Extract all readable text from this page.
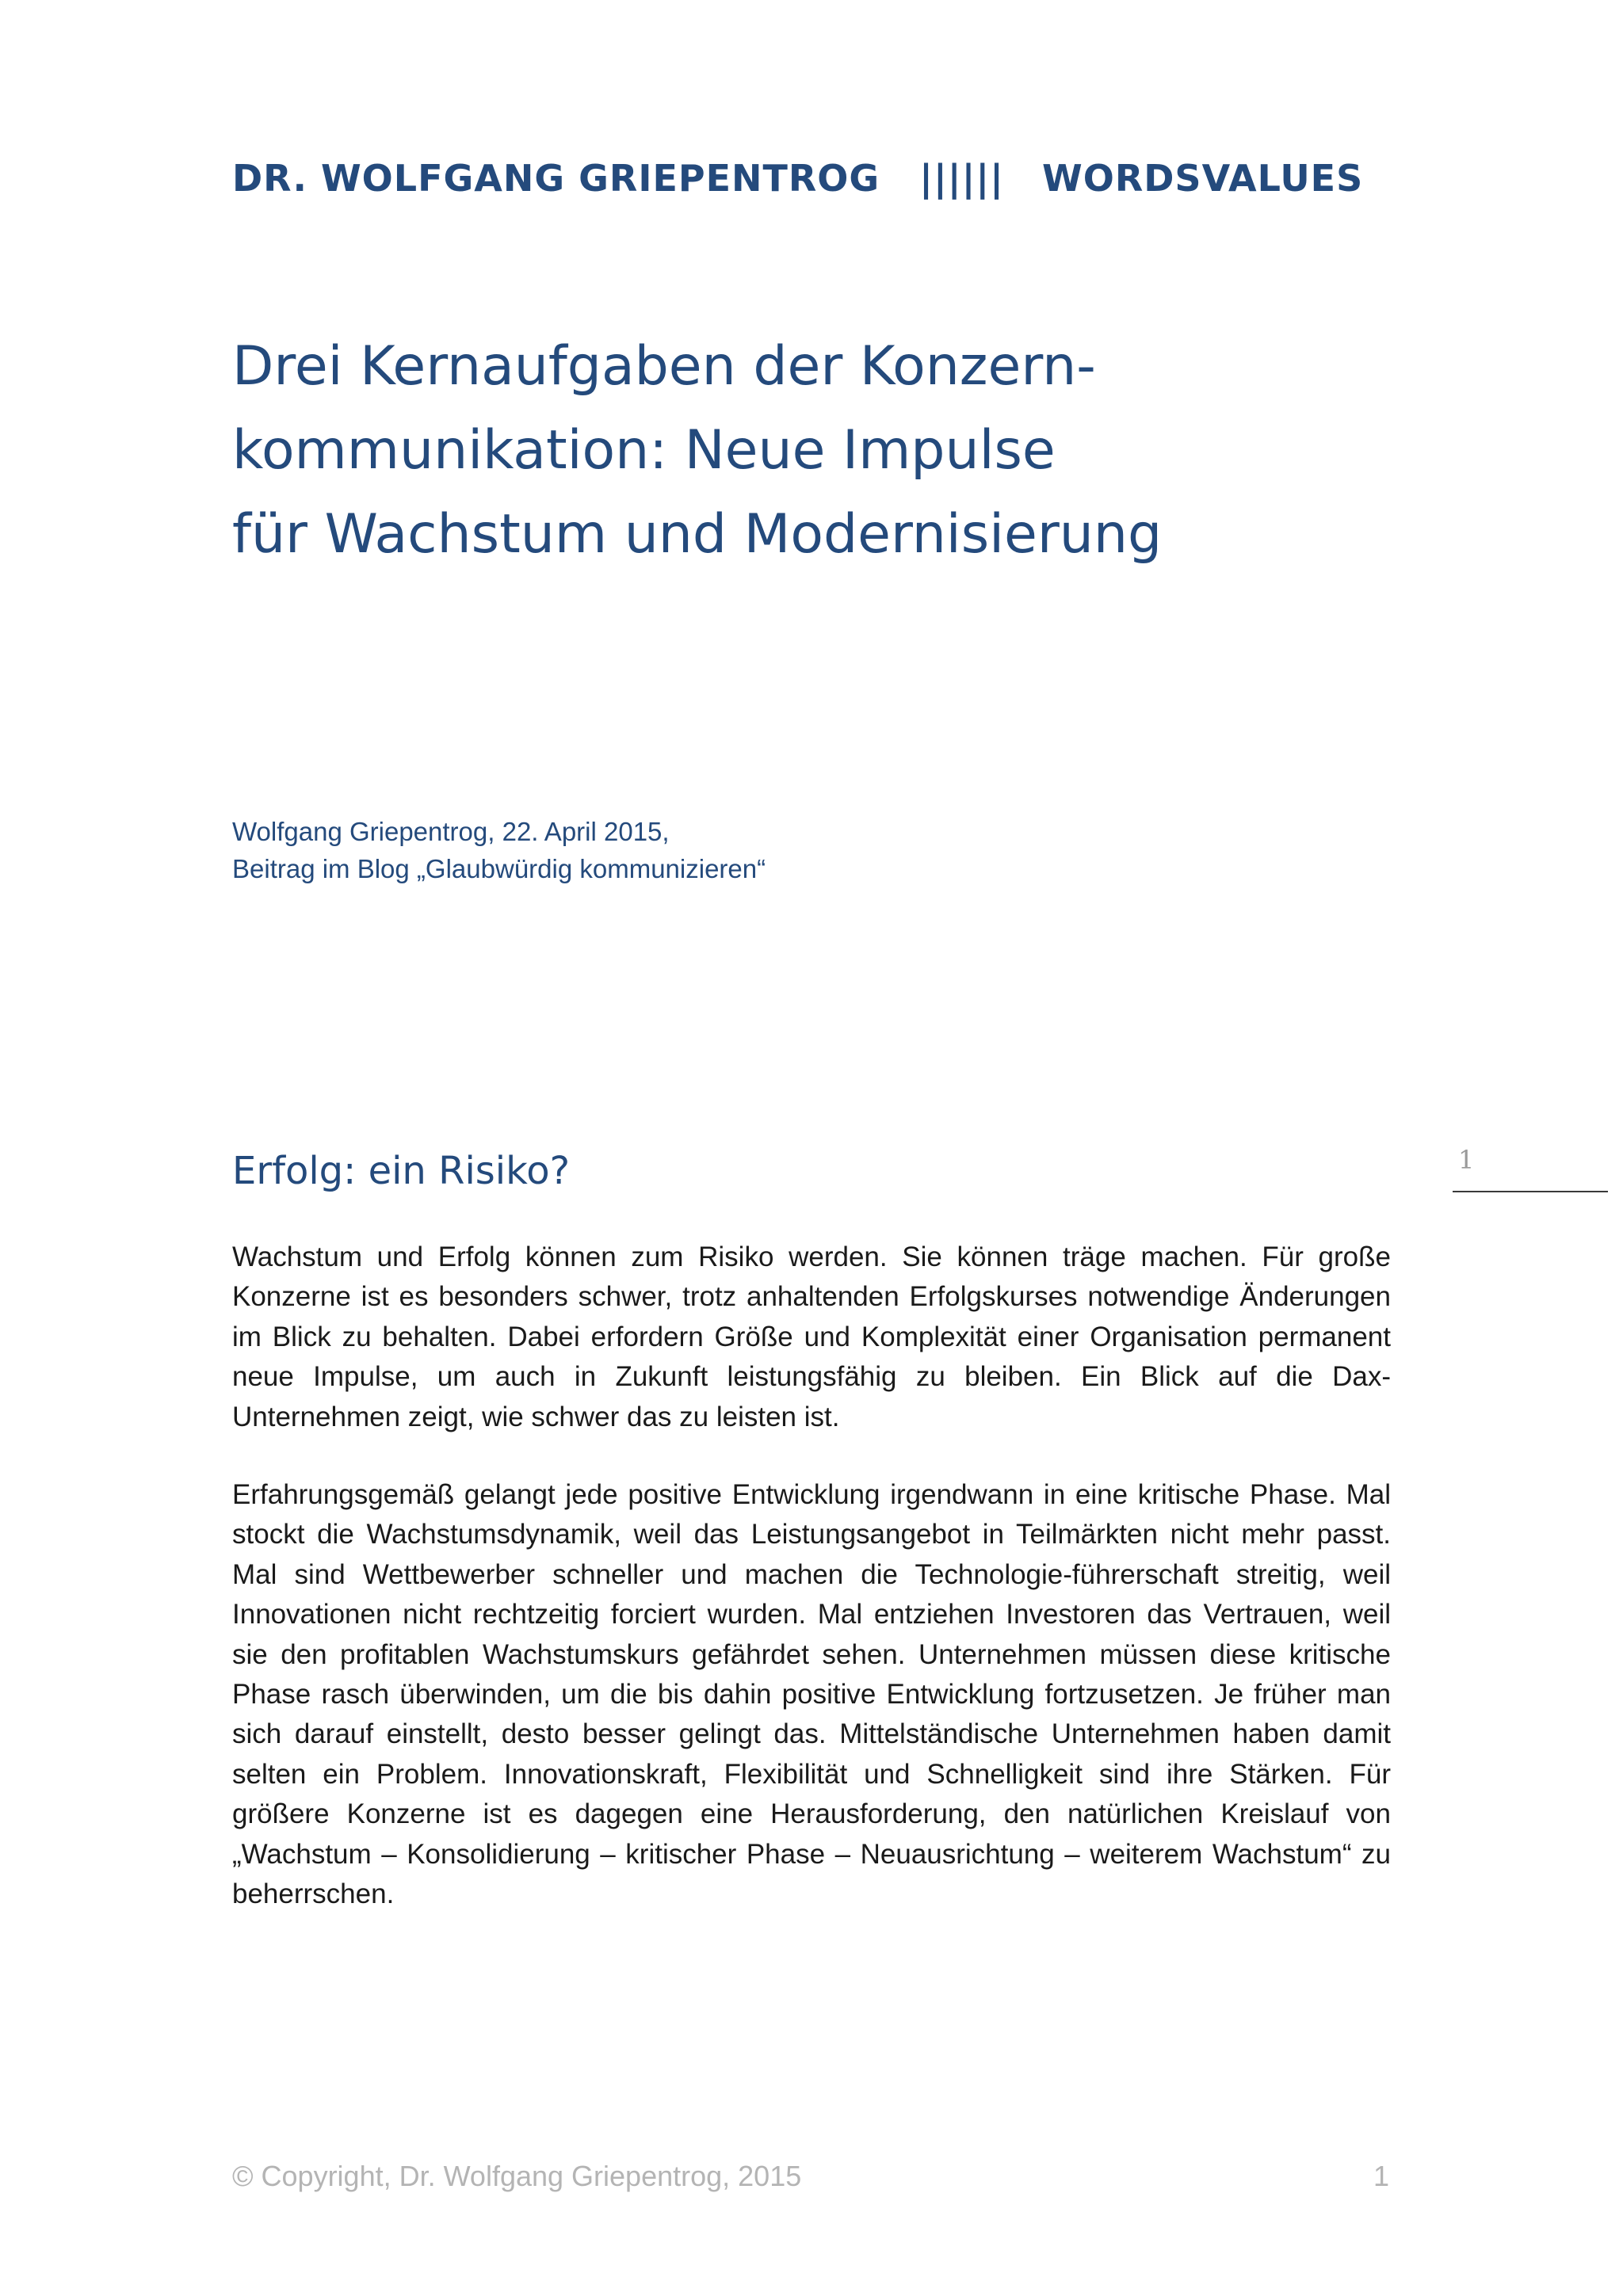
DR. WOLFGANG GRIEPENTROG |||||| WORDSVALUES
Drei Kernaufgaben der Konzern-
kommunikation: Neue Impulse
für Wachstum und Modernisierung
Wolfgang Griepentrog, 22. April 2015,
Beitrag im Blog „Glaubwürdig kommunizieren“
Erfolg: ein Risiko?	1

Wachstum und Erfolg können zum Risiko werden. Sie können träge machen. Für große Konzerne ist es besonders schwer, trotz anhaltenden Erfolgskurses notwendige Änderungen im Blick zu behalten. Dabei erfordern Größe und Komplexität einer Organisation permanent neue Impulse, um auch in Zukunft leistungsfähig zu bleiben. Ein Blick auf die Dax-Unternehmen zeigt, wie schwer das zu leisten ist.

Erfahrungsgemäß gelangt jede positive Entwicklung irgendwann in eine kritische Phase. Mal stockt die Wachstumsdynamik, weil das Leistungsangebot in Teilmärkten nicht mehr passt. Mal sind Wettbewerber schneller und machen die Technologie-führerschaft streitig, weil Innovationen nicht rechtzeitig forciert wurden. Mal entziehen Investoren das Vertrauen, weil sie den profitablen Wachstumskurs gefährdet sehen. Unternehmen müssen diese kritische Phase rasch überwinden, um die bis dahin positive Entwicklung fortzusetzen. Je früher man sich darauf einstellt, desto besser gelingt das. Mittelständische Unternehmen haben damit selten ein Problem. Innovationskraft, Flexibilität und Schnelligkeit sind ihre Stärken. Für größere Konzerne ist es dagegen eine Herausforderung, den natürlichen Kreislauf von „Wachstum – Konsolidierung – kritischer Phase – Neuausrichtung – weiterem Wachstum“ zu beherrschen.

© Copyright, Dr. Wolfgang Griepentrog, 2015	1
